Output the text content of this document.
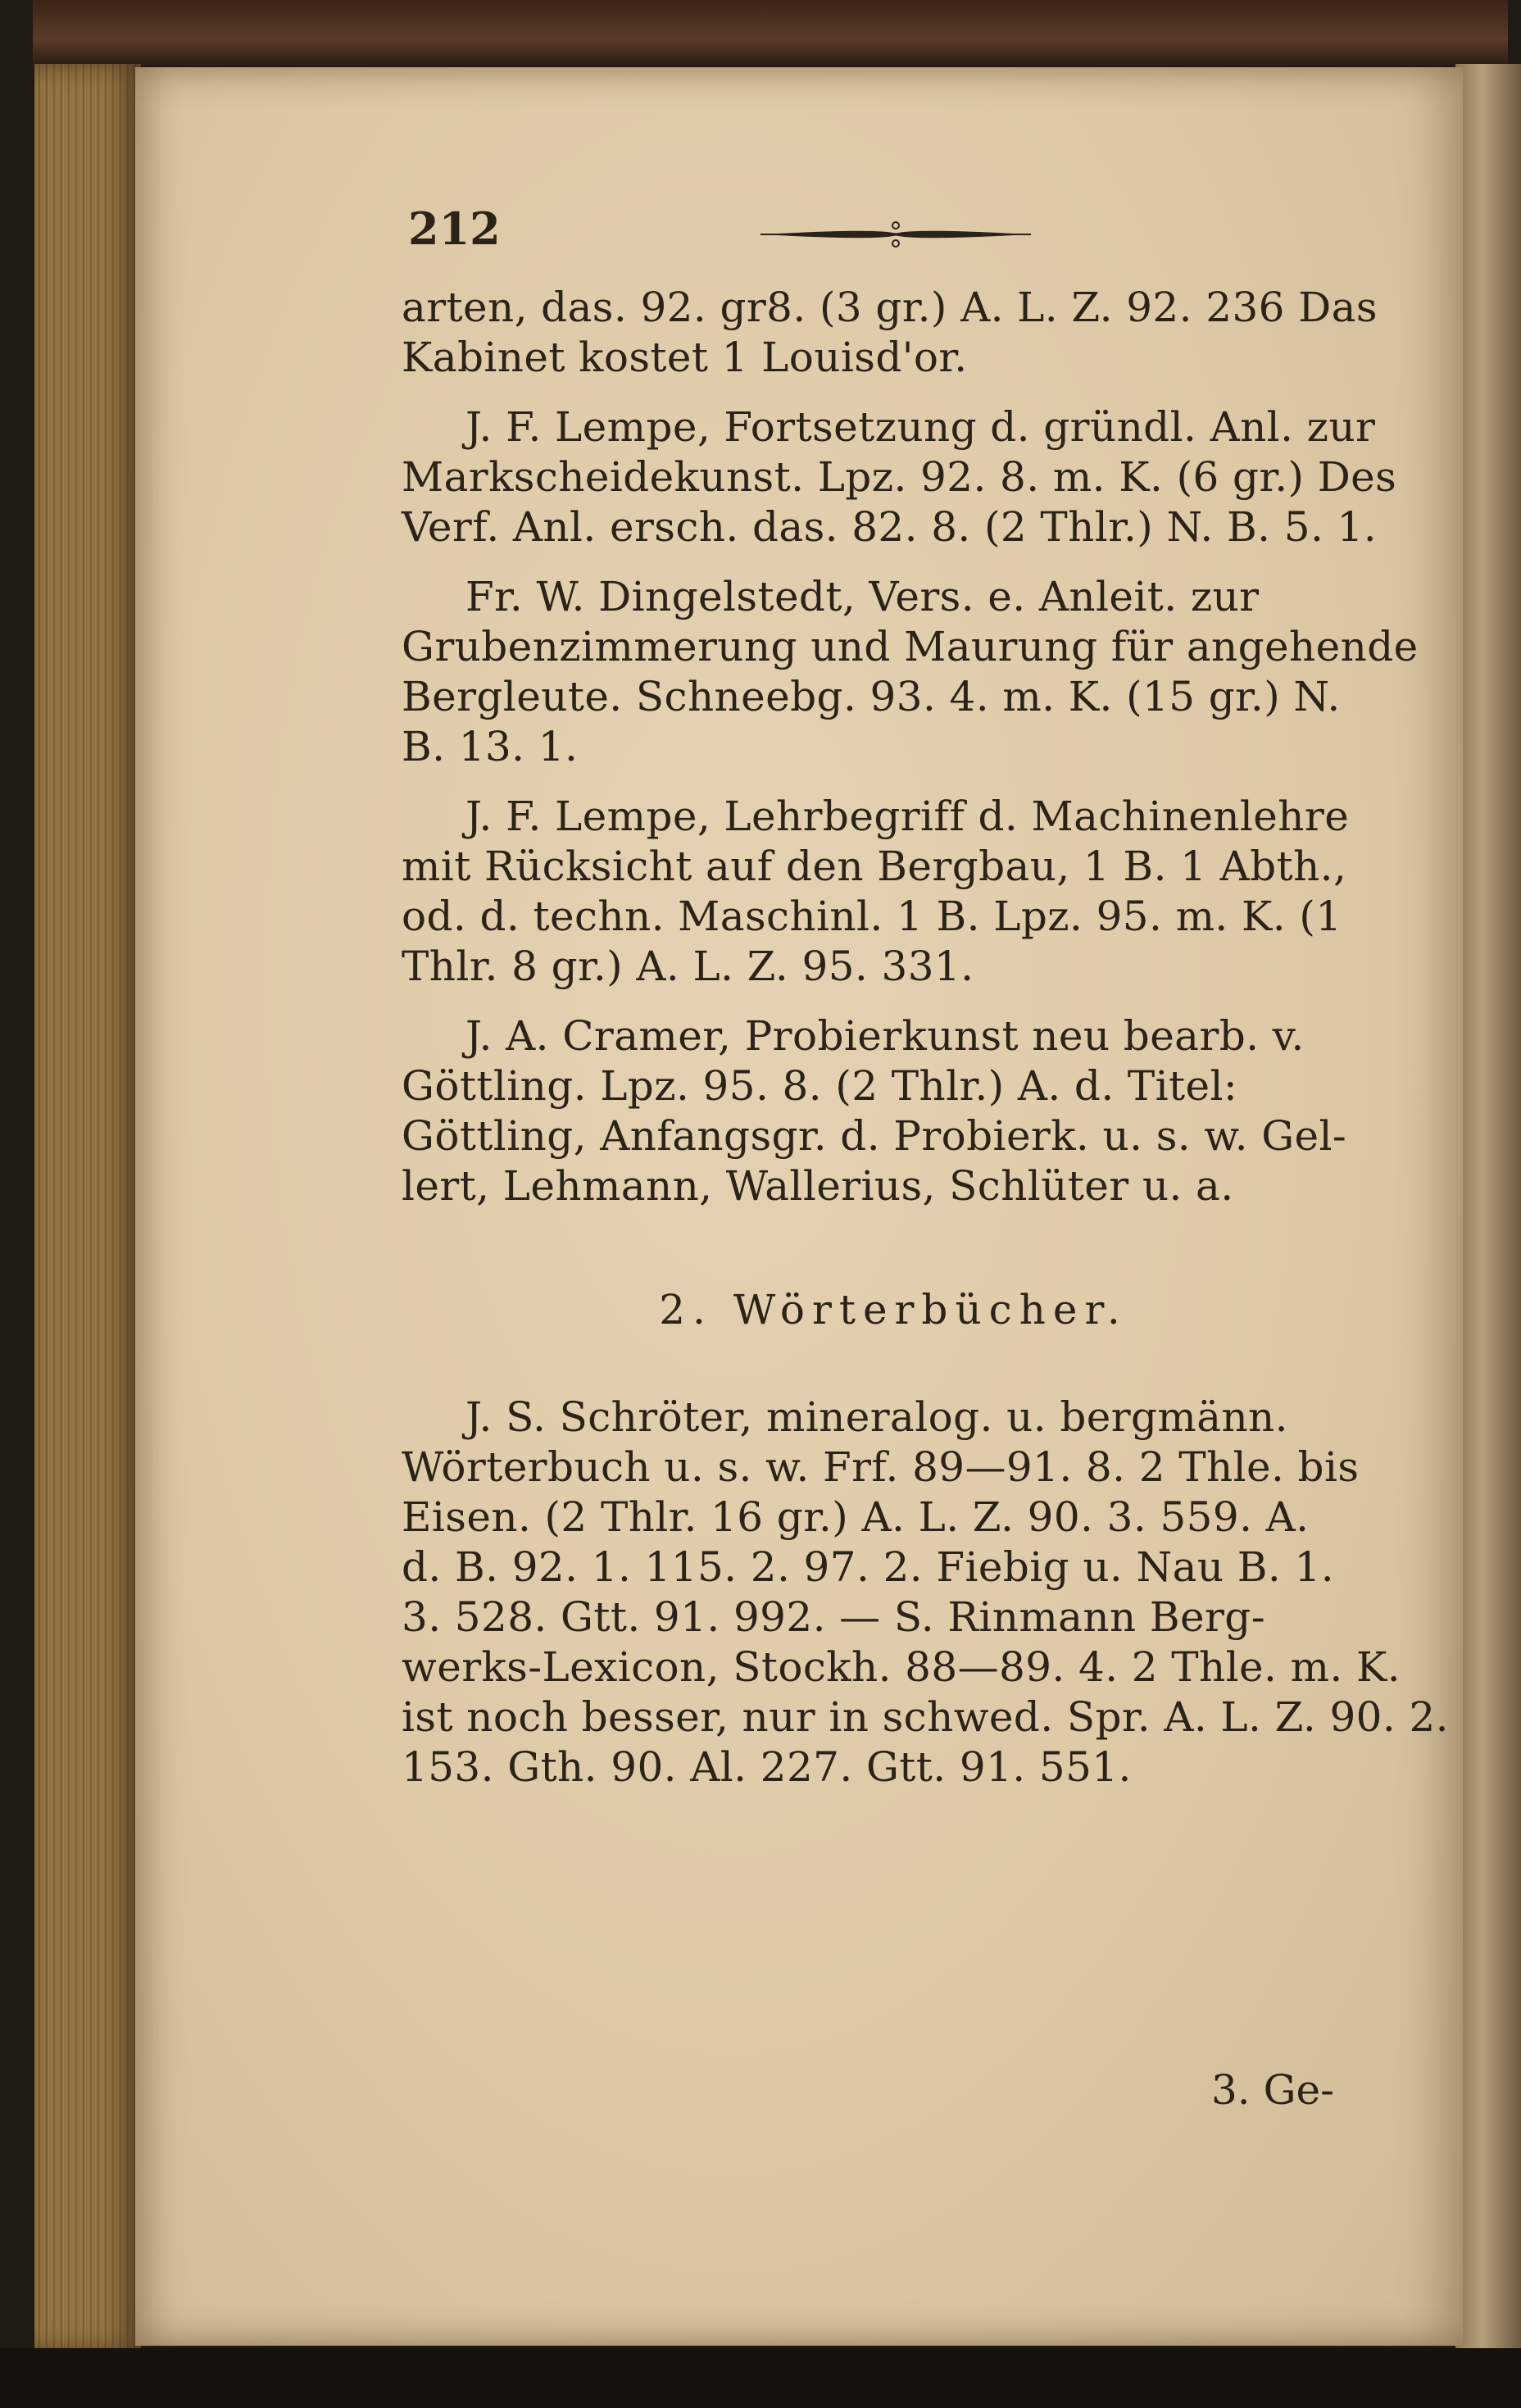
212
arten, das. 92. gr8. (3 gr.) A. L. Z. 92. 236 Das
Kabinet kostet 1 Louisd'or.
J. F. Lempe, Fortsetzung d. gründl. Anl. zur
Markscheidekunst. Lpz. 92. 8. m. K. (6 gr.) Des
Verf. Anl. ersch. das. 82. 8. (2 Thlr.) N. B. 5. 1.
Fr. W. Dingelstedt, Vers. e. Anleit. zur
Grubenzimmerung und Maurung für angehende
Bergleute. Schneebg. 93. 4. m. K. (15 gr.) N.
B. 13. 1.
J. F. Lempe, Lehrbegriff d. Machinenlehre
mit Rücksicht auf den Bergbau, 1 B. 1 Abth.,
od. d. techn. Maschinl. 1 B. Lpz. 95. m. K. (1
Thlr. 8 gr.) A. L. Z. 95. 331.
J. A. Cramer, Probierkunst neu bearb. v.
Göttling. Lpz. 95. 8. (2 Thlr.) A. d. Titel:
Göttling, Anfangsgr. d. Probierk. u. s. w. Gel-
lert, Lehmann, Wallerius, Schlüter u. a.
2. Wörterbücher.
J. S. Schröter, mineralog. u. bergmänn.
Wörterbuch u. s. w. Frf. 89—91. 8. 2 Thle. bis
Eisen. (2 Thlr. 16 gr.) A. L. Z. 90. 3. 559. A.
d. B. 92. 1. 115. 2. 97. 2. Fiebig u. Nau B. 1.
3. 528. Gtt. 91. 992. — S. Rinmann Berg-
werks-Lexicon, Stockh. 88—89. 4. 2 Thle. m. K.
ist noch besser, nur in schwed. Spr. A. L. Z. 90. 2.
153. Gth. 90. Al. 227. Gtt. 91. 551.
3. Ge-
